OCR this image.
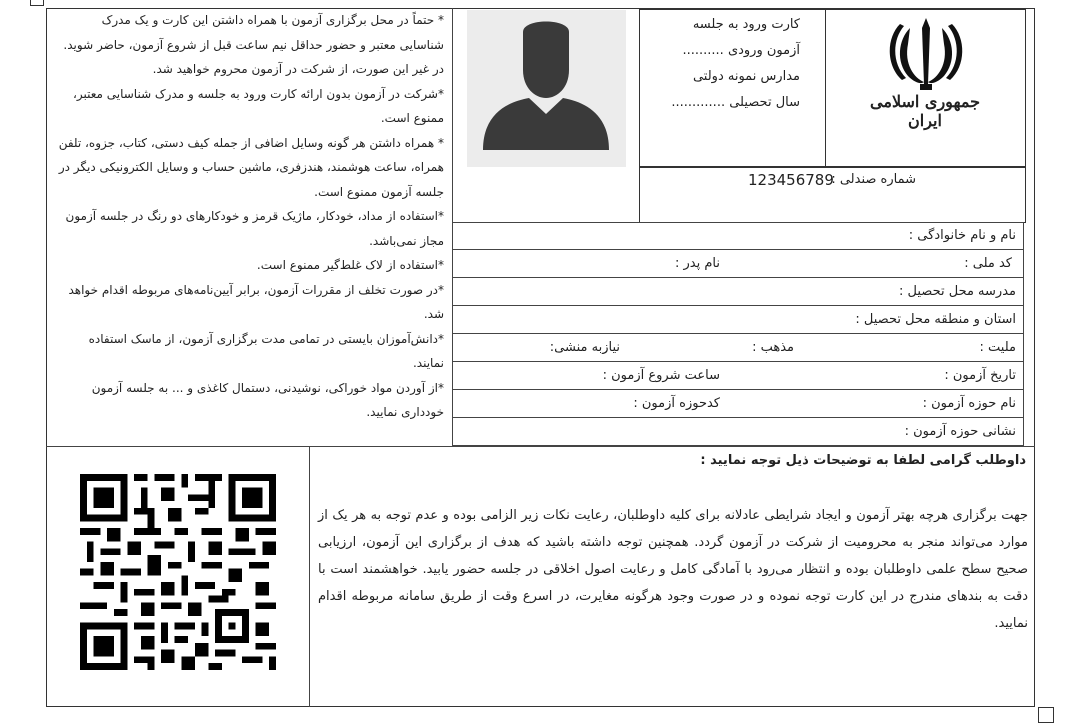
جمهوری اسلامی ایران
کارت ورود به جلسه
آزمون ورودی ..........
مدارس نمونه دولتی
سال تحصیلی .............
شماره صندلی :
123456789
نام و نام خانوادگی :
کد ملی :
نام پدر :
مدرسه محل تحصیل :
استان و منطقه محل تحصیل :
ملیت :
مذهب :
نیازبه منشی:
تاریخ آزمون :
ساعت شروع آزمون :
نام حوزه آزمون :
کدحوزه آزمون :
نشانی حوزه آزمون :
* حتماً در محل برگزاری آزمون با همراه داشتن این کارت و یک مدرک شناسایی معتبر و حضور حداقل نیم ساعت قبل از شروع آزمون، حاضر شوید. در غیر این صورت، از شرکت در آزمون محروم خواهید شد.
*شرکت در آزمون بدون ارائه کارت ورود به جلسه و مدرک شناسایی معتبر، ممنوع است.
* همراه داشتن هر گونه وسایل اضافی از جمله کیف دستی، کتاب، جزوه، تلفن همراه، ساعت هوشمند، هندزفری، ماشین حساب و وسایل الکترونیکی دیگر در جلسه آزمون ممنوع است.
*استفاده از مداد، خودکار، ماژیک قرمز و خودکارهای دو رنگ در جلسه آزمون مجاز نمی‌باشد.
*استفاده از لاک غلط‌گیر ممنوع است.
*در صورت تخلف از مقررات آزمون، برابر آیین‌نامه‌های مربوطه اقدام خواهد شد.
*دانش‌آموزان بایستی در تمامی مدت برگزاری آزمون، از ماسک استفاده نمایند.
*از آوردن مواد خوراکی، نوشیدنی، دستمال کاغذی و ... به جلسه آزمون خودداری نمایید.
داوطلب گرامی لطفا به توضیحات ذیل توجه نمایید :
جهت برگزاری هرچه بهتر آزمون و ایجاد شرایطی عادلانه برای کلیه داوطلبان، رعایت نکات زیر الزامی بوده و عدم توجه به هر یک از موارد می‌تواند منجر به محرومیت از شرکت در آزمون گردد. همچنین توجه داشته باشید که هدف از برگزاری این آزمون، ارزیابی صحیح سطح علمی داوطلبان بوده و انتظار می‌رود با آمادگی کامل و رعایت اصول اخلاقی در جلسه حضور یابید. خواهشمند است با دقت به بندهای مندرج در این کارت توجه نموده و در صورت وجود هرگونه مغایرت، در اسرع وقت از طریق سامانه مربوطه اقدام نمایید.
